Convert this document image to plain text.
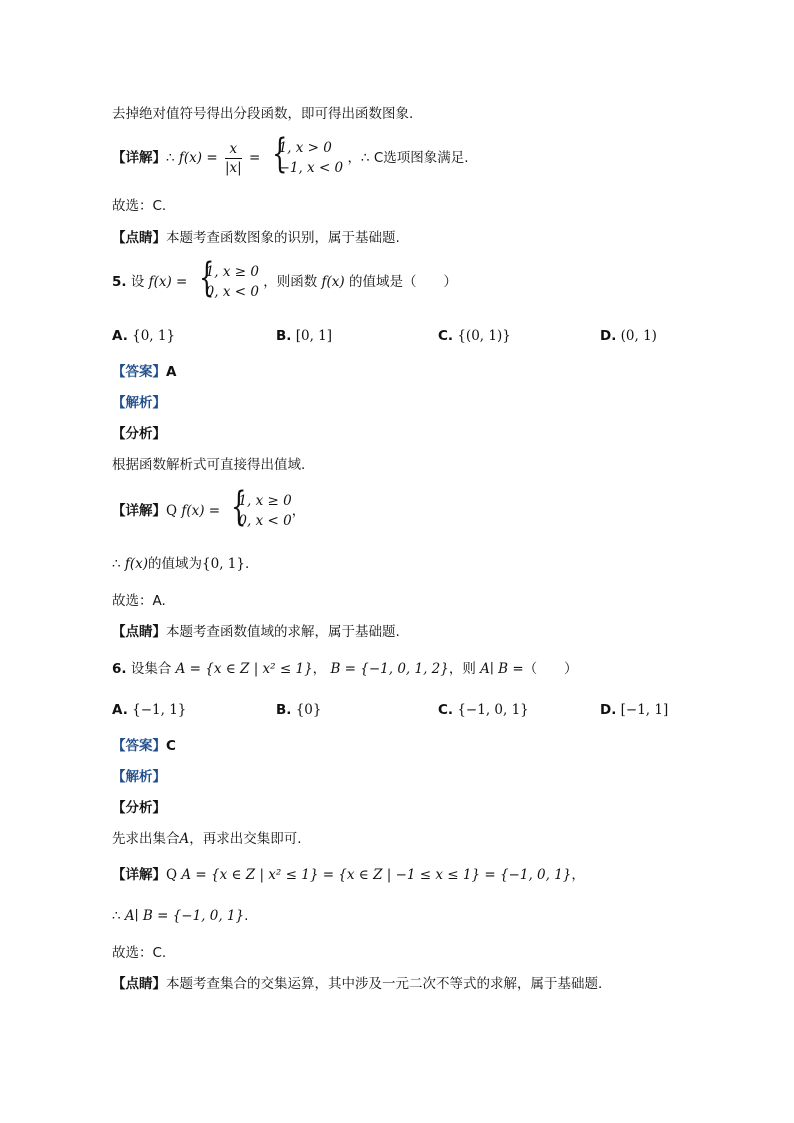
去掉绝对值符号得出分段函数，即可得出函数图象.
【详解】∴ $f(x) = \frac{x}{|x|}$ = {
1, x > 0
−1, x < 0
，∴ C选项图象满足.
故选：C.
【点睛】本题考查函数图象的识别，属于基础题.
5. 设 f(x) = {
1, x ≥ 0
0, x < 0
，则函数 f(x) 的值域是（　　）
A. {0, 1}	B. [0, 1]	C. {(0, 1)}	D. (0, 1)
【答案】A
【解析】
【分析】
根据函数解析式可直接得出值域.
【详解】Q f(x) = {
1, x ≥ 0
0, x < 0
，
∴ f(x)的值域为{0, 1}.
故选：A.
【点睛】本题考查函数值域的求解，属于基础题.
6. 设集合 A = {x ∈ Z | x² ≤ 1}， B = {−1, 0, 1, 2}，则 A∣ B =（　　）
A. {−1, 1}	B. {0}	C. {−1, 0, 1}	D. [−1, 1]
【答案】C
【解析】
【分析】
先求出集合A，再求出交集即可.
【详解】Q A = {x ∈ Z | x² ≤ 1} = {x ∈ Z | −1 ≤ x ≤ 1} = {−1, 0, 1}，
∴ A∣ B = {−1, 0, 1}.
故选：C.
【点睛】本题考查集合的交集运算，其中涉及一元二次不等式的求解，属于基础题.
